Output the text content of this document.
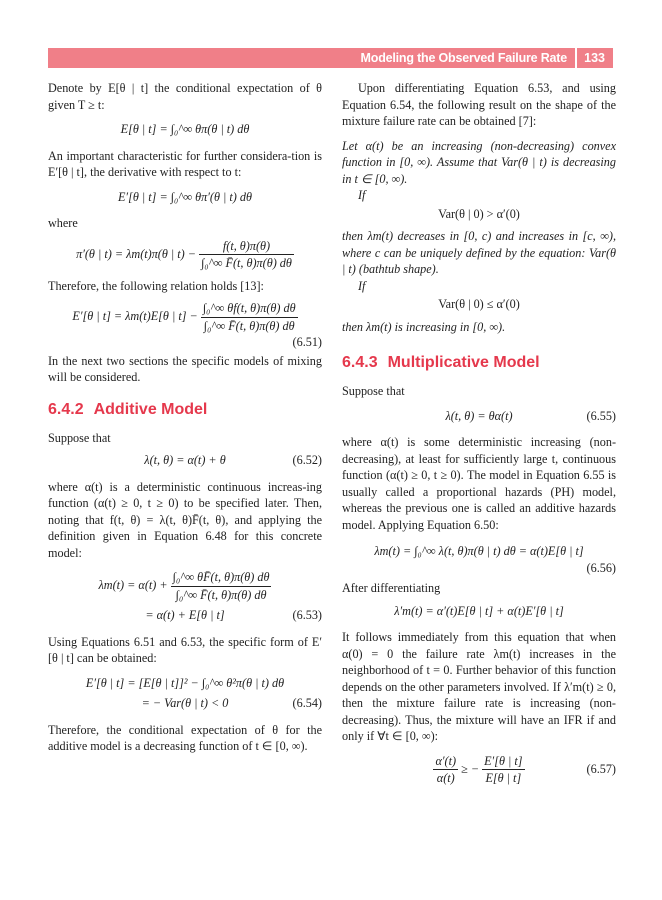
Modeling the Observed Failure Rate 133

Denote by E[θ | t] the conditional expectation of θ given T ≥ t:

E[θ | t] = ∫₀^∞ θπ(θ | t) dθ

An important characteristic for further considera-tion is E′[θ | t], the derivative with respect to t:

E′[θ | t] = ∫₀^∞ θπ′(θ | t) dθ

where

π′(θ | t) = λm(t)π(θ | $t) - \frac{f(t, \theta)\pi(\theta)}{\text{∫₀\textasciicircum{}∞ F̄(t, θ)π(θ) dθ}}$

Therefore, the following relation holds [13]:

E′[θ | t] = λm(t)E[θ | $t] - \frac{\text{∫₀\textasciicircum{}∞ θf(t, θ)π(θ) dθ}}{\text{∫₀\textasciicircum{}∞ F̄(t, θ)π(θ) dθ}}$
(6.51)

In the next two sections the specific models of mixing will be considered.

6.4.2 Additive Model

Suppose that

λ(t, θ) = α(t) + θ	(6.52)

where α(t) is a deterministic continuous increas-ing function (α(t) ≥ 0, t ≥ 0) to be specified later. Then, noting that f(t, θ) = λ(t, θ)F̄(t, θ), and applying the definition given in Equation 6.48 for this concrete model:

$\lambda m(t) = \alpha(t) + \frac{\text{∫₀\textasciicircum{}∞ θF̄(t, θ)π(θ) dθ}}{\text{∫₀\textasciicircum{}∞ F̄(t, θ)π(θ) dθ}}$
= α(t) + E[θ | t]	(6.53)

Using Equations 6.51 and 6.53, the specific form of E′[θ | t] can be obtained:

E′[θ | t] = [E[θ | t]]² − ∫₀^∞ θ²π(θ | t) dθ
= − Var(θ | t) < 0	(6.54)

Therefore, the conditional expectation of θ for the additive model is a decreasing function of t ∈ [0, ∞).

Upon differentiating Equation 6.53, and using Equation 6.54, the following result on the shape of the mixture failure rate can be obtained [7]:

Let α(t) be an increasing (non-decreasing) convex function in [0, ∞). Assume that Var(θ | t) is decreasing in t ∈ [0, ∞).

If
Var(θ | 0) > α′(0)

then λm(t) decreases in [0, c) and increases in [c, ∞), where c can be uniquely defined by the equation: Var(θ | t) (bathtub shape).

If
Var(θ | 0) ≤ α′(0)

then λm(t) is increasing in [0, ∞).

6.4.3 Multiplicative Model

Suppose that

λ(t, θ) = θα(t)	(6.55)

where α(t) is some deterministic increasing (non-decreasing), at least for sufficiently large t, continuous function (α(t) ≥ 0, t ≥ 0). The model in Equation 6.55 is usually called a proportional hazards (PH) model, whereas the previous one is called an additive hazards model. Applying Equation 6.50:

λm(t) = ∫₀^∞ λ(t, θ)π(θ | t) dθ = α(t)E[θ | t]
(6.56)

After differentiating

λ′m(t) = α′(t)E[θ | t] + α(t)E′[θ | t]

It follows immediately from this equation that when α(0) = 0 the failure rate λm(t) increases in the neighborhood of t = 0. Further behavior of this function depends on the other parameters involved. If λ′m(t) ≥ 0, then the mixture failure rate is increasing (non-decreasing). Thus, the mixture will have an IFR if and only if ∀t ∈ [0, ∞):

$\frac{\alpha'(t)}{\alpha(t)}$ ≥ − $\frac{E'[\theta | t]}{E[\theta | t]}$	(6.57)
